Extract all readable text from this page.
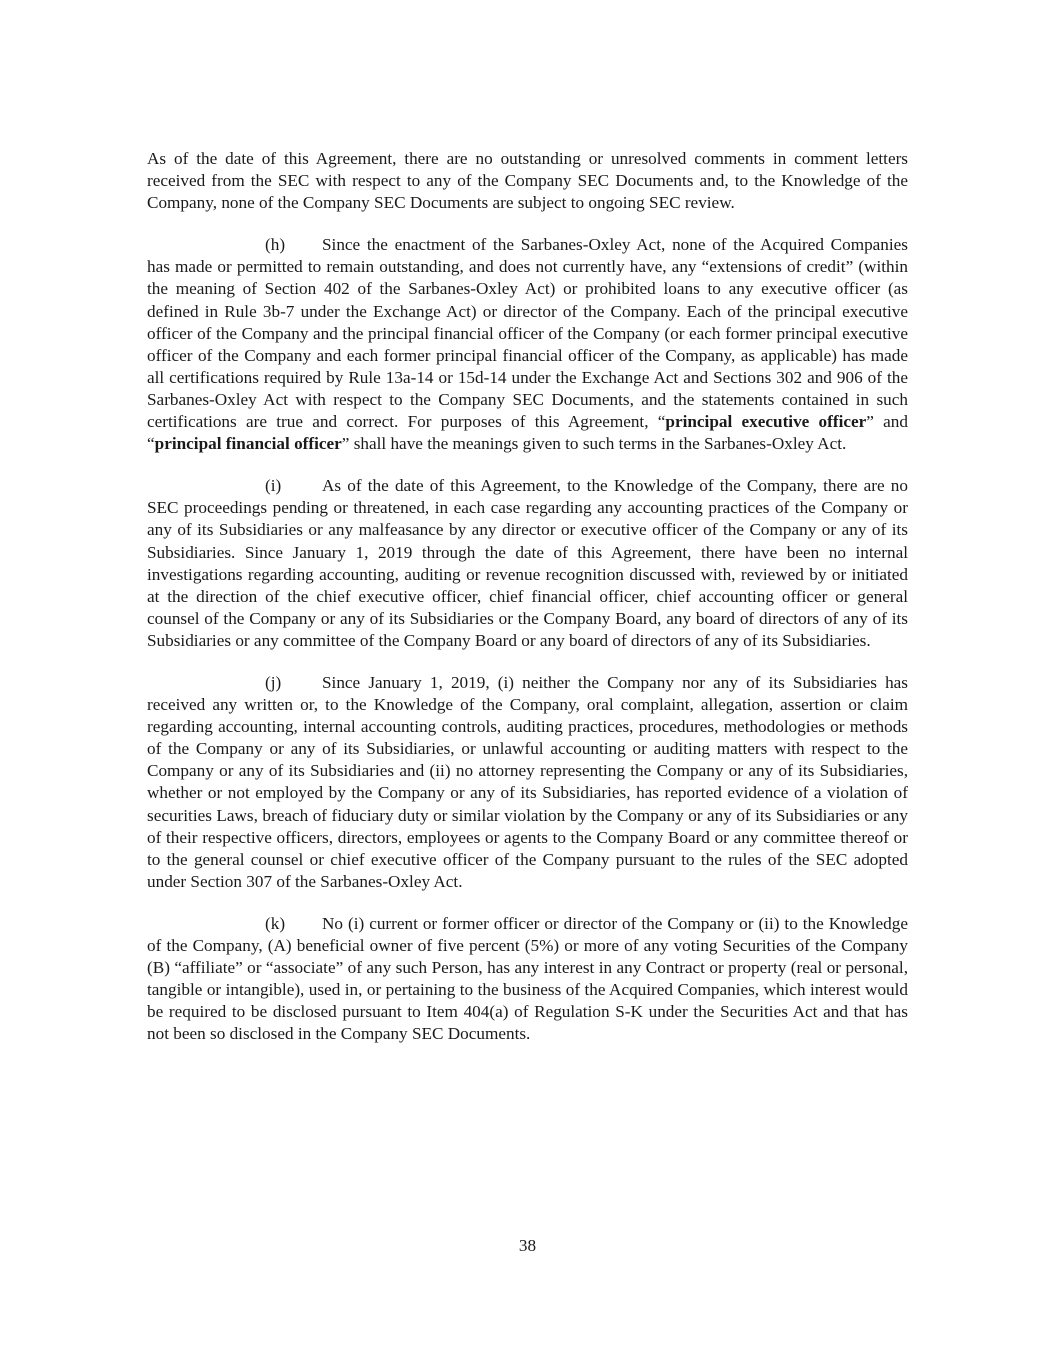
As of the date of this Agreement, there are no outstanding or unresolved comments in comment letters received from the SEC with respect to any of the Company SEC Documents and, to the Knowledge of the Company, none of the Company SEC Documents are subject to ongoing SEC review.

(h) Since the enactment of the Sarbanes-Oxley Act, none of the Acquired Companies has made or permitted to remain outstanding, and does not currently have, any “extensions of credit” (within the meaning of Section 402 of the Sarbanes-Oxley Act) or prohibited loans to any executive officer (as defined in Rule 3b-7 under the Exchange Act) or director of the Company. Each of the principal executive officer of the Company and the principal financial officer of the Company (or each former principal executive officer of the Company and each former principal financial officer of the Company, as applicable) has made all certifications required by Rule 13a-14 or 15d-14 under the Exchange Act and Sections 302 and 906 of the Sarbanes-Oxley Act with respect to the Company SEC Documents, and the statements contained in such certifications are true and correct. For purposes of this Agreement, “principal executive officer” and “principal financial officer” shall have the meanings given to such terms in the Sarbanes-Oxley Act.

(i) As of the date of this Agreement, to the Knowledge of the Company, there are no SEC proceedings pending or threatened, in each case regarding any accounting practices of the Company or any of its Subsidiaries or any malfeasance by any director or executive officer of the Company or any of its Subsidiaries. Since January 1, 2019 through the date of this Agreement, there have been no internal investigations regarding accounting, auditing or revenue recognition discussed with, reviewed by or initiated at the direction of the chief executive officer, chief financial officer, chief accounting officer or general counsel of the Company or any of its Subsidiaries or the Company Board, any board of directors of any of its Subsidiaries or any committee of the Company Board or any board of directors of any of its Subsidiaries.

(j) Since January 1, 2019, (i) neither the Company nor any of its Subsidiaries has received any written or, to the Knowledge of the Company, oral complaint, allegation, assertion or claim regarding accounting, internal accounting controls, auditing practices, procedures, methodologies or methods of the Company or any of its Subsidiaries, or unlawful accounting or auditing matters with respect to the Company or any of its Subsidiaries and (ii) no attorney representing the Company or any of its Subsidiaries, whether or not employed by the Company or any of its Subsidiaries, has reported evidence of a violation of securities Laws, breach of fiduciary duty or similar violation by the Company or any of its Subsidiaries or any of their respective officers, directors, employees or agents to the Company Board or any committee thereof or to the general counsel or chief executive officer of the Company pursuant to the rules of the SEC adopted under Section 307 of the Sarbanes-Oxley Act.

(k) No (i) current or former officer or director of the Company or (ii) to the Knowledge of the Company, (A) beneficial owner of five percent (5%) or more of any voting Securities of the Company (B) “affiliate” or “associate” of any such Person, has any interest in any Contract or property (real or personal, tangible or intangible), used in, or pertaining to the business of the Acquired Companies, which interest would be required to be disclosed pursuant to Item 404(a) of Regulation S-K under the Securities Act and that has not been so disclosed in the Company SEC Documents.

38
